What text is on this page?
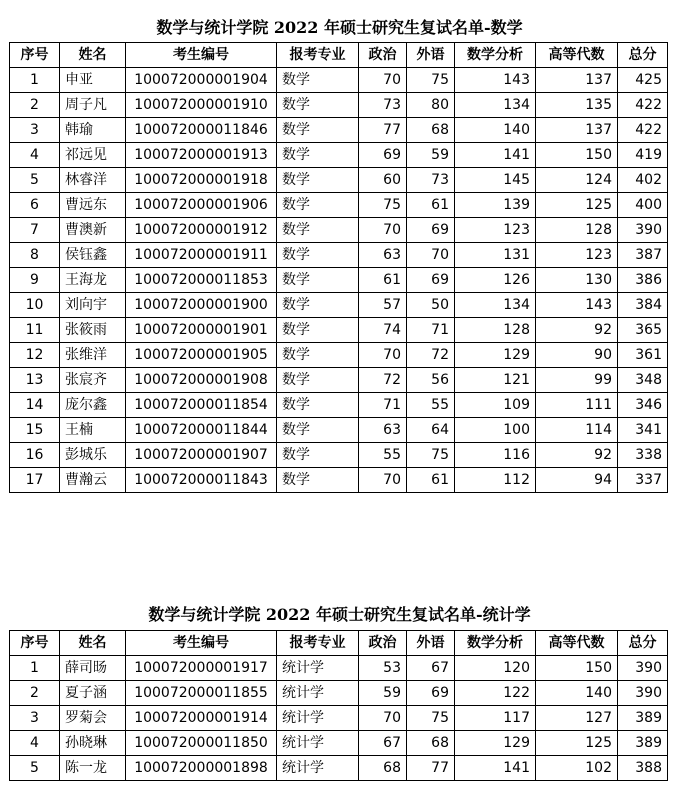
数学与统计学院 2022 年硕士研究生复试名单-数学
序号	姓名	考生编号	报考专业	政治	外语	数学分析	高等代数	总分
1	申亚	100072000001904	数学	70	75	143	137	425
2	周子凡	100072000001910	数学	73	80	134	135	422
3	韩瑜	100072000011846	数学	77	68	140	137	422
4	祁远见	100072000001913	数学	69	59	141	150	419
5	林睿洋	100072000001918	数学	60	73	145	124	402
6	曹远东	100072000001906	数学	75	61	139	125	400
7	曹澳新	100072000001912	数学	70	69	123	128	390
8	侯钰鑫	100072000001911	数学	63	70	131	123	387
9	王海龙	100072000011853	数学	61	69	126	130	386
10	刘向宇	100072000001900	数学	57	50	134	143	384
11	张筱雨	100072000001901	数学	74	71	128	92	365
12	张维洋	100072000001905	数学	70	72	129	90	361
13	张宸齐	100072000001908	数学	72	56	121	99	348
14	庞尔鑫	100072000011854	数学	71	55	109	111	346
15	王楠	100072000011844	数学	63	64	100	114	341
16	彭城乐	100072000001907	数学	55	75	116	92	338
17	曹瀚云	100072000011843	数学	70	61	112	94	337
数学与统计学院 2022 年硕士研究生复试名单-统计学
序号	姓名	考生编号	报考专业	政治	外语	数学分析	高等代数	总分
1	薛司旸	100072000001917	统计学	53	67	120	150	390
2	夏子涵	100072000011855	统计学	59	69	122	140	390
3	罗菊会	100072000001914	统计学	70	75	117	127	389
4	孙晓琳	100072000011850	统计学	67	68	129	125	389
5	陈一龙	100072000001898	统计学	68	77	141	102	388
